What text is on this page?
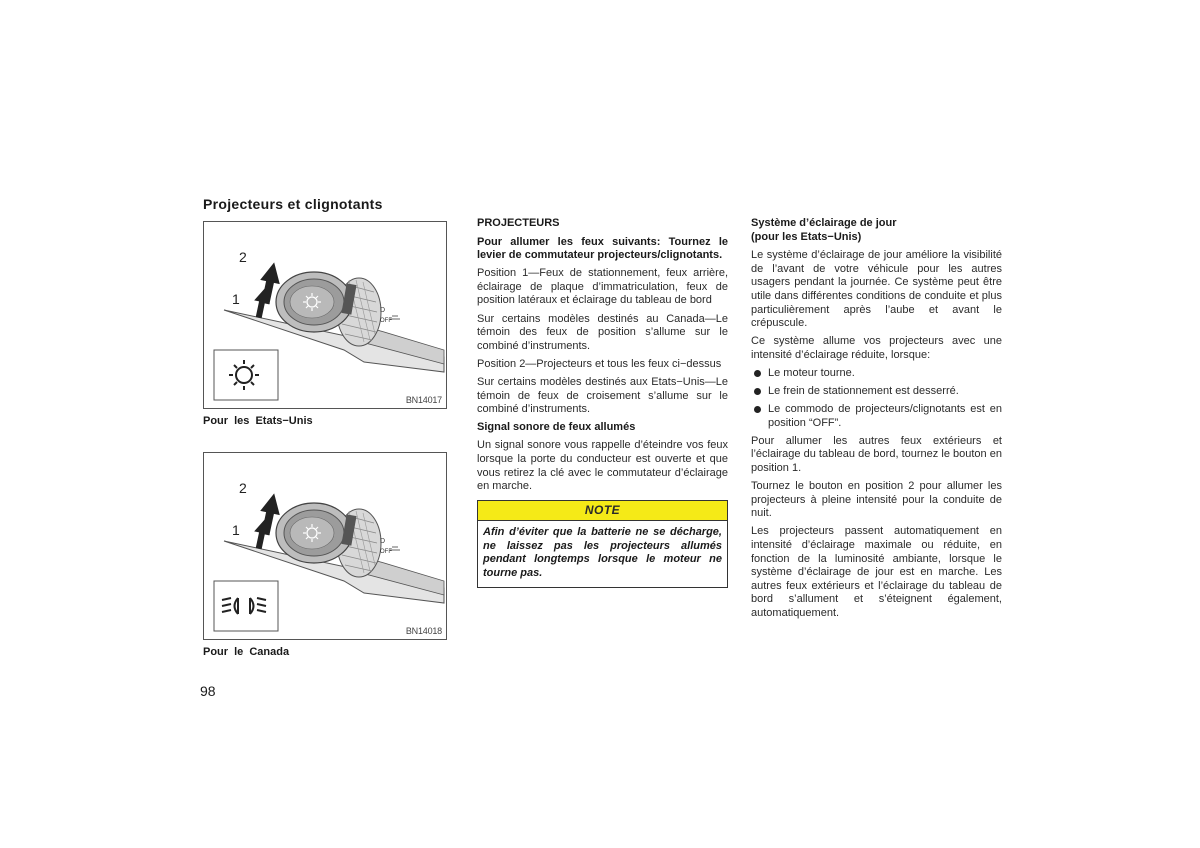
Projecteurs et clignotants
D
OFF
2
1
BN14017
Pour les Etats−Unis
D
OFF
2
1
BN14018
Pour le Canada
98

PROJECTEURS

Pour allumer les feux suivants: Tournez le levier de commutateur projecteurs/clignotants.

Position 1—Feux de stationnement, feux arrière, éclairage de plaque d’immatriculation, feux de position latéraux et éclairage du tableau de bord

Sur certains modèles destinés au Canada—Le témoin des feux de position s’allume sur le combiné d’instruments.

Position 2—Projecteurs et tous les feux ci−dessus

Sur certains modèles destinés aux Etats−Unis—Le témoin de feux de croisement s’allume sur le combiné d’instruments.

Signal sonore de feux allumés

Un signal sonore vous rappelle d’éteindre vos feux lorsque la porte du conducteur est ouverte et que vous retirez la clé avec le commutateur d’éclairage en marche.

NOTE
Afin d’éviter que la batterie ne se décharge, ne laissez pas les projecteurs allumés pendant longtemps lorsque le moteur ne tourne pas.

Système d’éclairage de jour
(pour les Etats−Unis)

Le système d’éclairage de jour améliore la visibilité de l’avant de votre véhicule pour les autres usagers pendant la journée. Ce système peut être utile dans différentes conditions de conduite et plus particulièrement après l’aube et avant le crépuscule.

Ce système allume vos projecteurs avec une intensité d’éclairage réduite, lorsque:

Le moteur tourne.
Le frein de stationnement est desserré.
Le commodo de projecteurs/clignotants est en position “OFF”.

Pour allumer les autres feux extérieurs et l’éclairage du tableau de bord, tournez le bouton en position 1.

Tournez le bouton en position 2 pour allumer les projecteurs à pleine intensité pour la conduite de nuit.

Les projecteurs passent automatiquement en intensité d’éclairage maximale ou réduite, en fonction de la luminosité ambiante, lorsque le système d’éclairage de jour est en marche. Les autres feux extérieurs et l’éclairage du tableau de bord s’allument et s’éteignent également, automatiquement.
